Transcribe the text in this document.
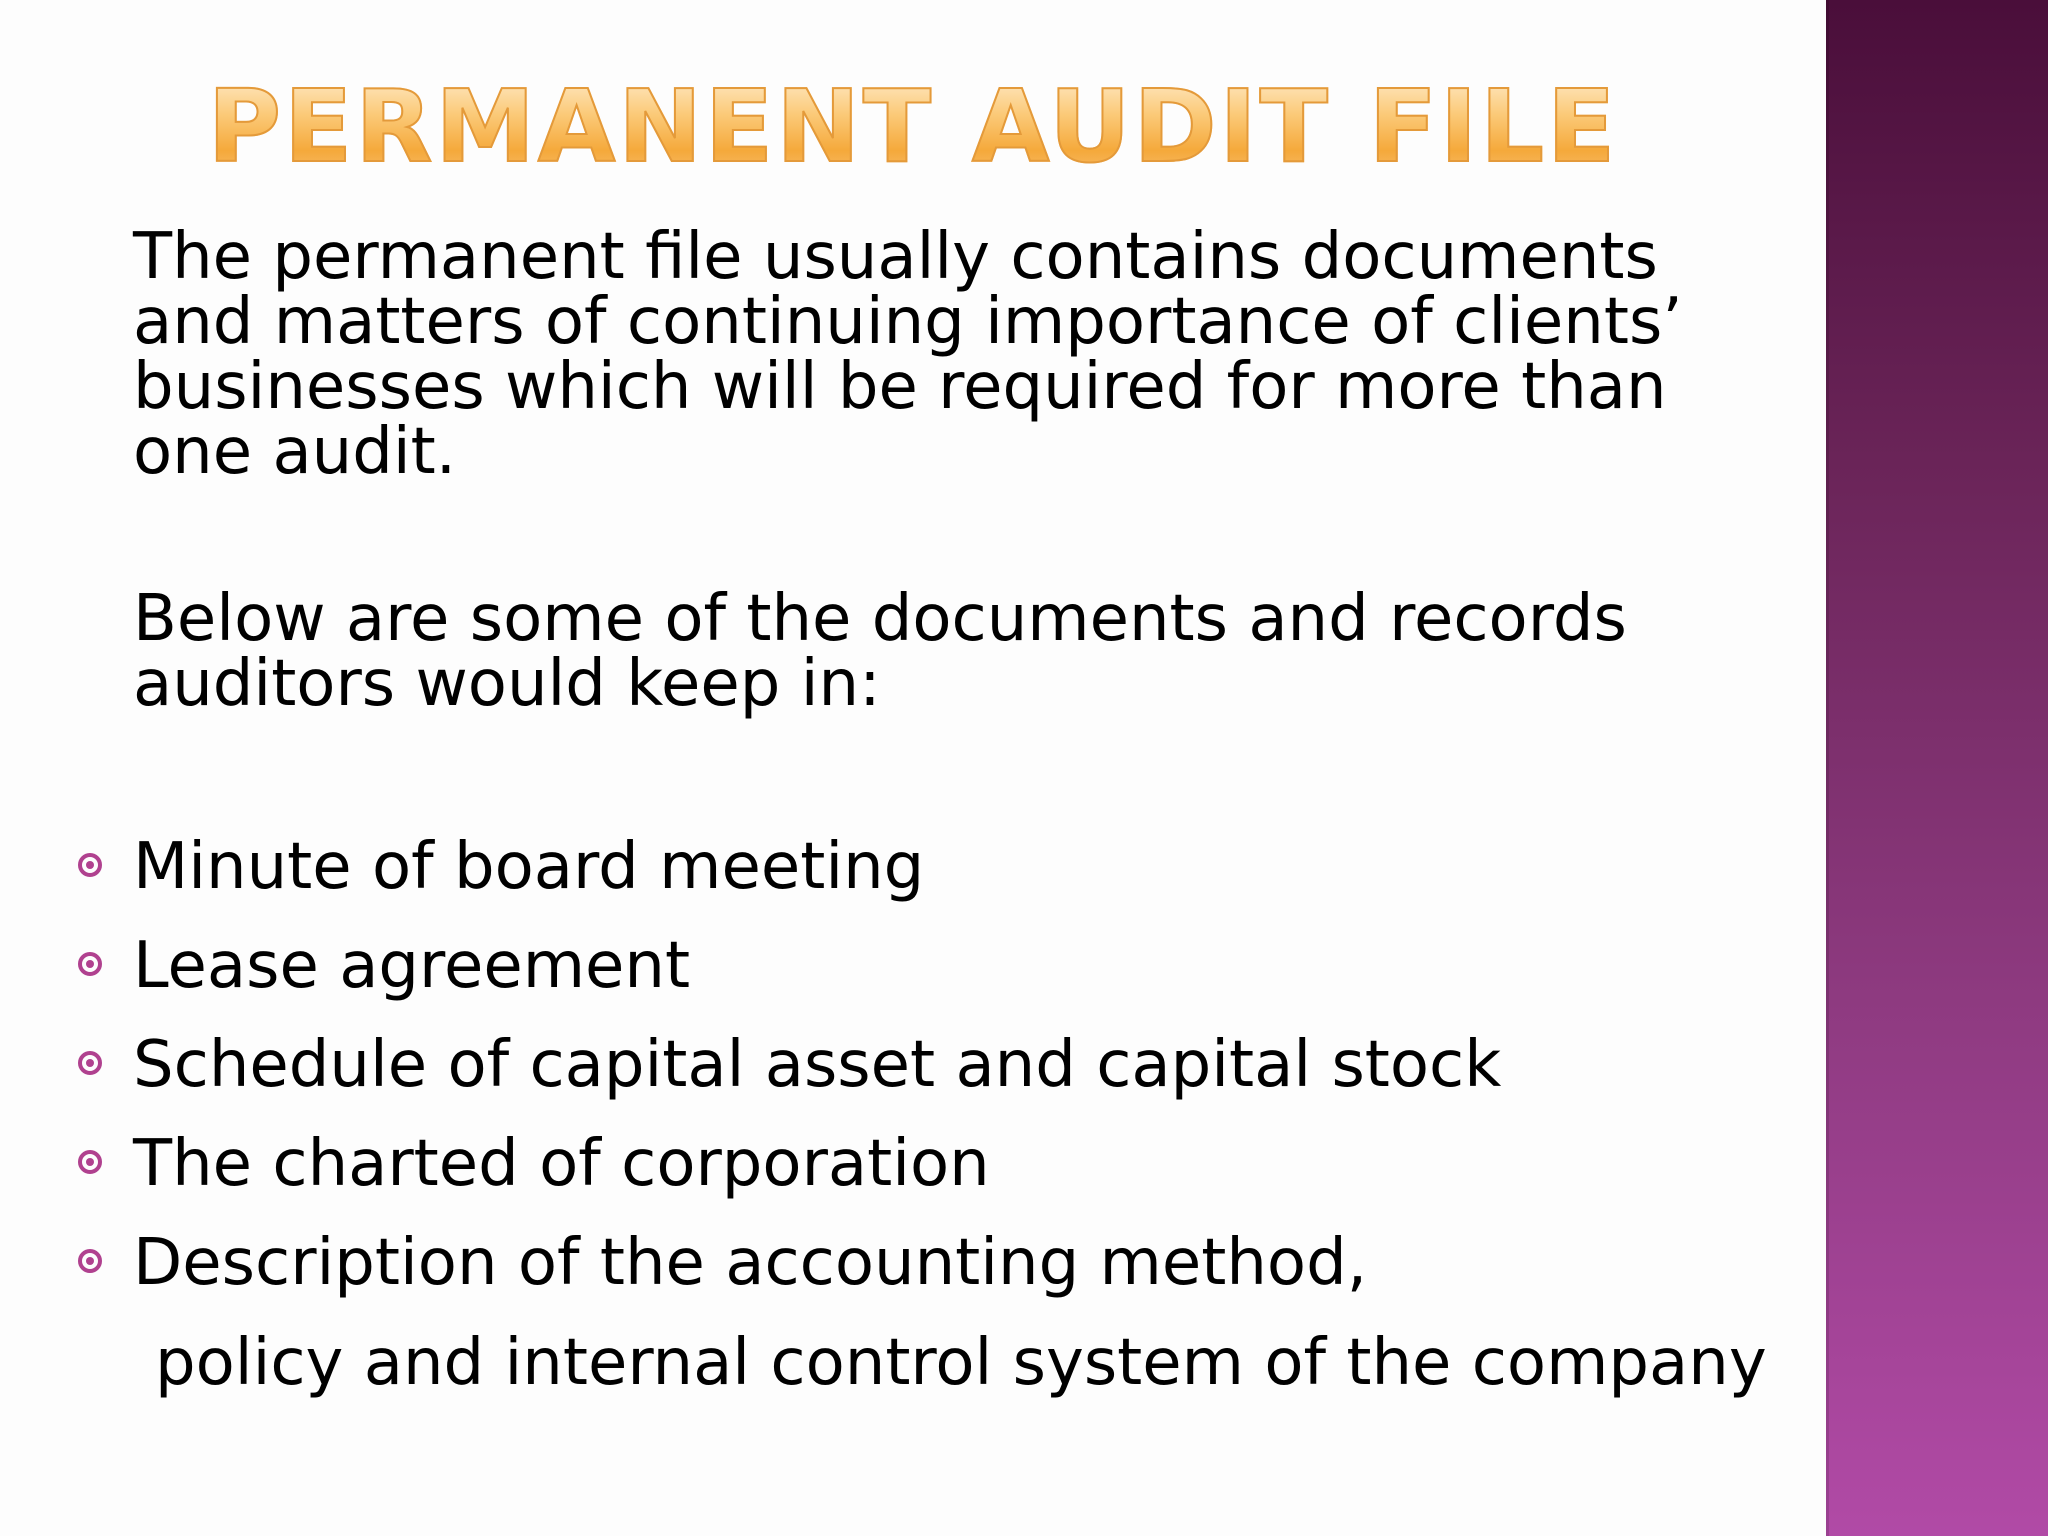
PERMANENT AUDIT FILE

The permanent file usually contains documents and matters of continuing importance of clients’ businesses which will be required for more than one audit.

Below are some of the documents and records auditors would keep in:

Minute of board meeting
Lease agreement
Schedule of capital asset and capital stock
The charted of corporation
Description of the accounting method,

policy and internal control system of the company
